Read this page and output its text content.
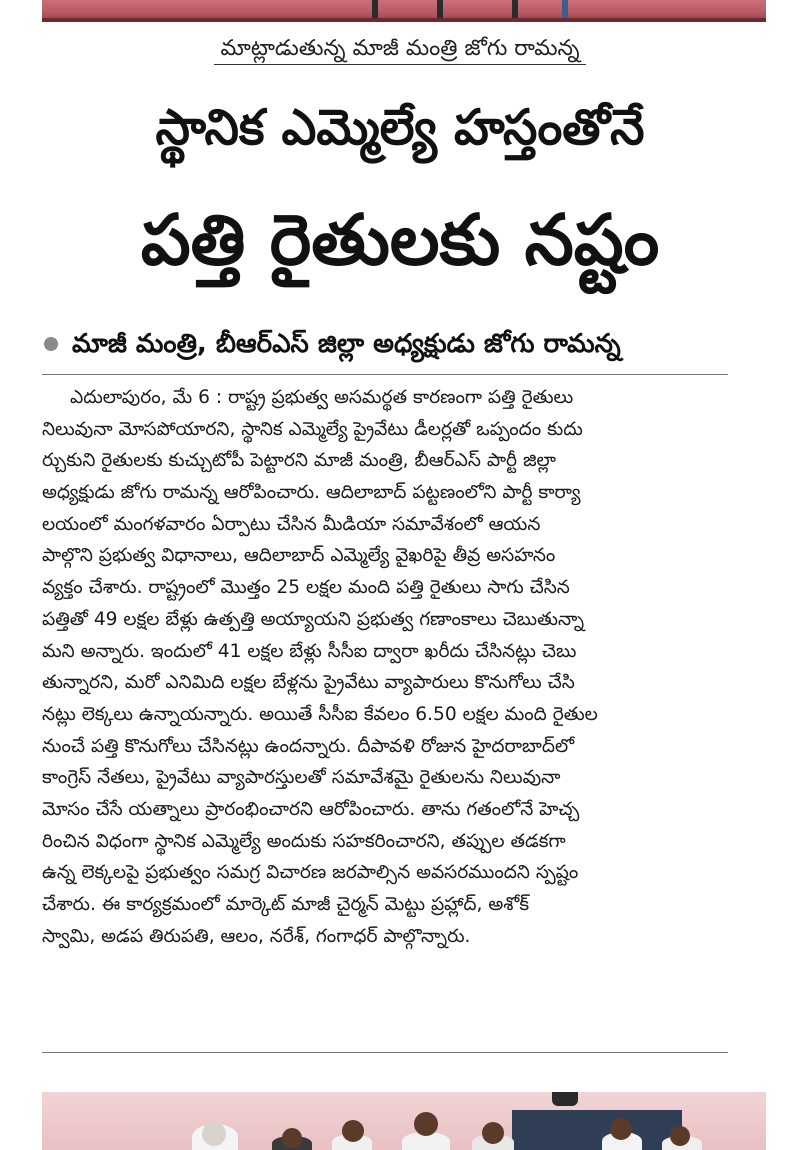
మాట్లాడుతున్న మాజీ మంత్రి జోగు రామన్న
స్థానిక ఎమ్మెల్యే హస్తంతోనే
పత్తి రైతులకు నష్టం
మాజీ మంత్రి, బీఆర్ఎస్ జిల్లా అధ్యక్షుడు జోగు రామన్న
ఎదులాపురం, మే 6 : రాష్ట్ర ప్రభుత్వ అసమర్థత కారణంగా పత్తి రైతులు
నిలువునా మోసపోయారని, స్థానిక ఎమ్మెల్యే ప్రైవేటు డీలర్లతో ఒప్పందం కుదు
ర్చుకుని రైతులకు కుచ్చుటోపీ పెట్టారని మాజీ మంత్రి, బీఆర్ఎస్ పార్టీ జిల్లా
అధ్యక్షుడు జోగు రామన్న ఆరోపించారు. ఆదిలాబాద్ పట్టణంలోని పార్టీ కార్యా
లయంలో మంగళవారం ఏర్పాటు చేసిన మీడియా సమావేశంలో ఆయన
పాల్గొని ప్రభుత్వ విధానాలు, ఆదిలాబాద్ ఎమ్మెల్యే వైఖరిపై తీవ్ర అసహనం
వ్యక్తం చేశారు. రాష్ట్రంలో మొత్తం 25 లక్షల మంది పత్తి రైతులు సాగు చేసిన
పత్తితో 49 లక్షల బేళ్లు ఉత్పత్తి అయ్యాయని ప్రభుత్వ గణాంకాలు చెబుతున్నా
మని అన్నారు. ఇందులో 41 లక్షల బేళ్లు సీసీఐ ద్వారా ఖరీదు చేసినట్లు చెబు
తున్నారని, మరో ఎనిమిది లక్షల బేళ్లను ప్రైవేటు వ్యాపారులు కొనుగోలు చేసి
నట్లు లెక్కలు ఉన్నాయన్నారు. అయితే సీసీఐ కేవలం 6.50 లక్షల మంది రైతుల
నుంచే పత్తి కొనుగోలు చేసినట్లు ఉందన్నారు. దీపావళి రోజున హైదరాబాద్‌లో
కాంగ్రెస్ నేతలు, ప్రైవేటు వ్యాపారస్తులతో సమావేశమై రైతులను నిలువునా
మోసం చేసే యత్నాలు ప్రారంభించారని ఆరోపించారు. తాను గతంలోనే హెచ్చ
రించిన విధంగా స్థానిక ఎమ్మెల్యే అందుకు సహకరించారని, తప్పుల తడకగా
ఉన్న లెక్కలపై ప్రభుత్వం సమగ్ర విచారణ జరపాల్సిన అవసరముందని స్పష్టం
చేశారు. ఈ కార్యక్రమంలో మార్కెట్ మాజీ చైర్మన్ మెట్టు ప్రహ్లాద్, అశోక్
స్వామి, అడప తిరుపతి, ఆలం, నరేశ్, గంగాధర్ పాల్గొన్నారు.
